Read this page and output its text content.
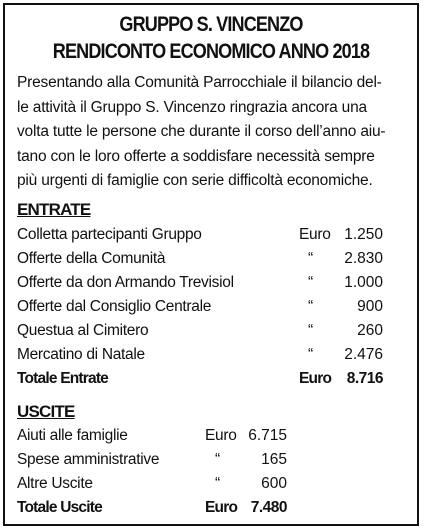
GRUPPO S. VINCENZO
RENDICONTO ECONOMICO ANNO 2018
Presentando alla Comunità Parrocchiale il bilancio del-
le attività il Gruppo S. Vincenzo ringrazia ancora una
volta tutte le persone che durante il corso dell’anno aiu-
tano con le loro offerte a soddisfare necessità sempre
più urgenti di famiglie con serie difficoltà economiche.
ENTRATE
Colletta partecipanti Gruppo	Euro 1.250
Offerte della Comunità	“	2.830
Offerte da don Armando Trevisiol	“	1.000
Offerte dal Consiglio Centrale	“	900
Questua al Cimitero	“	260
Mercatino di Natale	“	2.476
Totale Entrate	Euro	8.716
USCITE
Aiuti alle famiglie	Euro 6.715
Spese amministrative	“	165
Altre Uscite	“	600
Totale Uscite	Euro 7.480
